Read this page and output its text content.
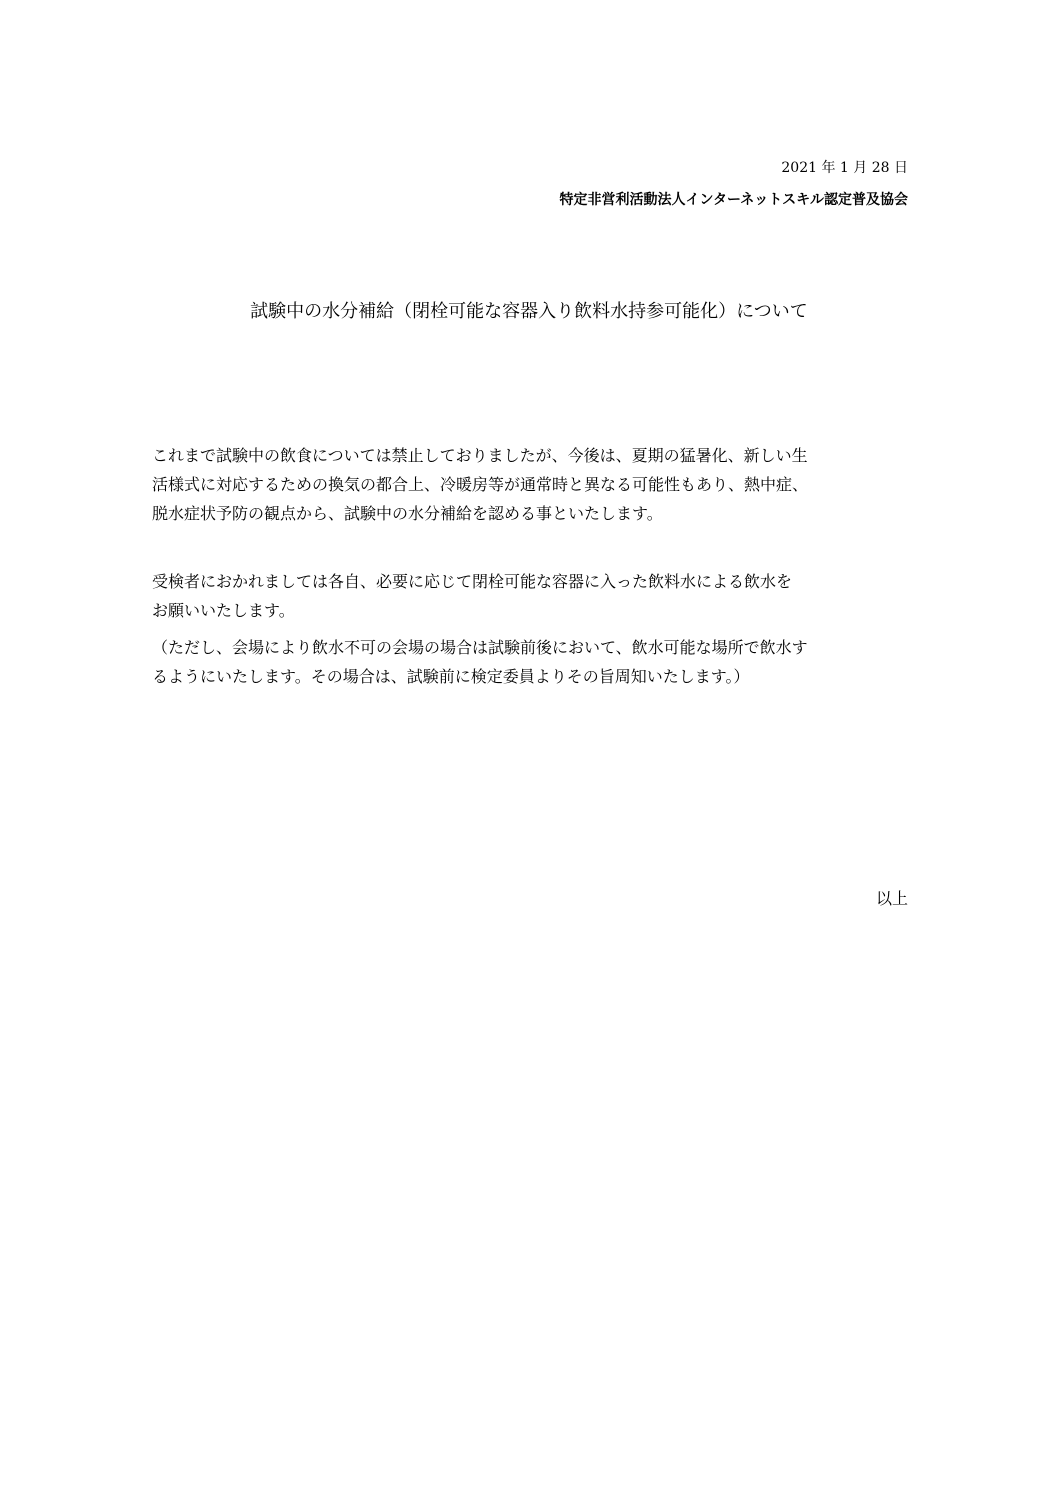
2021 年 1 月 28 日
特定非営利活動法人インターネットスキル認定普及協会
試験中の水分補給（閉栓可能な容器入り飲料水持参可能化）について
これまで試験中の飲食については禁止しておりましたが、今後は、夏期の猛暑化、新しい生
活様式に対応するための換気の都合上、冷暖房等が通常時と異なる可能性もあり、熱中症、
脱水症状予防の観点から、試験中の水分補給を認める事といたします。
受検者におかれましては各自、必要に応じて閉栓可能な容器に入った飲料水による飲水を
お願いいたします。
（ただし、会場により飲水不可の会場の場合は試験前後において、飲水可能な場所で飲水す
るようにいたします。その場合は、試験前に検定委員よりその旨周知いたします。）
以上
